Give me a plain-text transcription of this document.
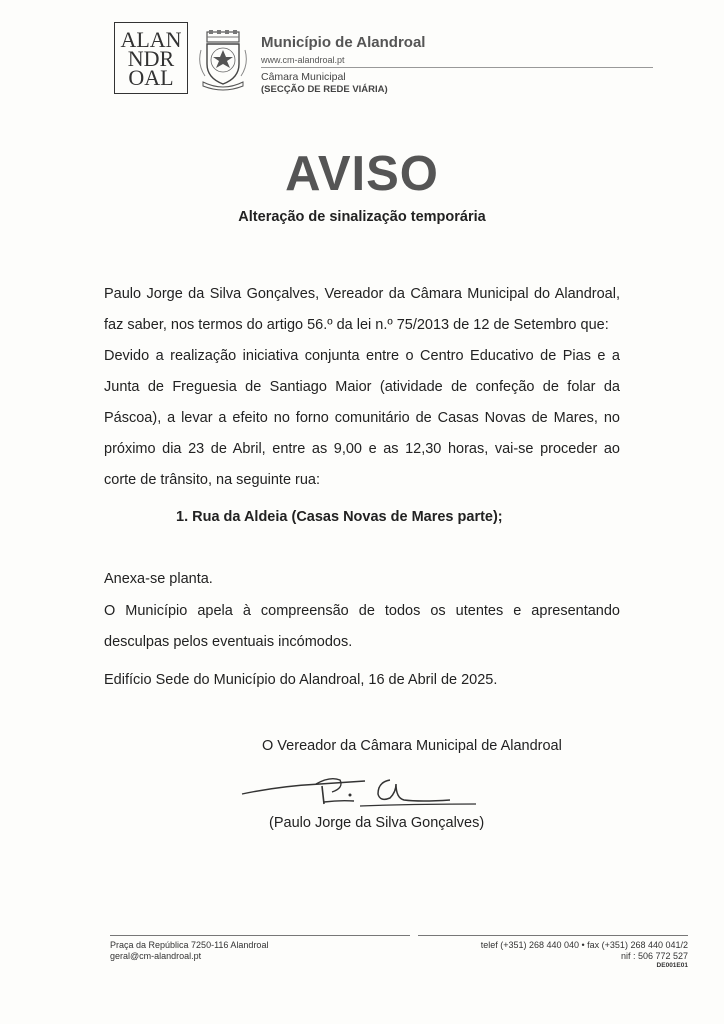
ALAN
NDR
OAL
Município de Alandroal
www.cm-alandroal.pt
Câmara Municipal
(SECÇÃO DE REDE VIÁRIA)
AVISO
Alteração de sinalização temporária
Paulo Jorge da Silva Gonçalves, Vereador da Câmara Municipal do Alandroal, faz saber, nos termos do artigo 56.º da lei n.º 75/2013 de 12 de Setembro que:
Devido a realização iniciativa conjunta entre o Centro Educativo de Pias e a Junta de Freguesia de Santiago Maior (atividade de confeção de folar da Páscoa), a levar a efeito no forno comunitário de Casas Novas de Mares, no próximo dia 23 de Abril, entre as 9,00 e as 12,30 horas, vai-se proceder ao corte de trânsito, na seguinte rua:
1. Rua da Aldeia (Casas Novas de Mares parte);
Anexa-se planta.
O Município apela à compreensão de todos os utentes e apresentando desculpas pelos eventuais incómodos.
Edifício Sede do Município do Alandroal, 16 de Abril de 2025.
O Vereador da Câmara Municipal de Alandroal
(Paulo Jorge da Silva Gonçalves)
Praça da República 7250-116 Alandroal
geral@cm-alandroal.pt
telef (+351) 268 440 040 • fax (+351) 268 440 041/2
nif : 506 772 527
DE001E01
